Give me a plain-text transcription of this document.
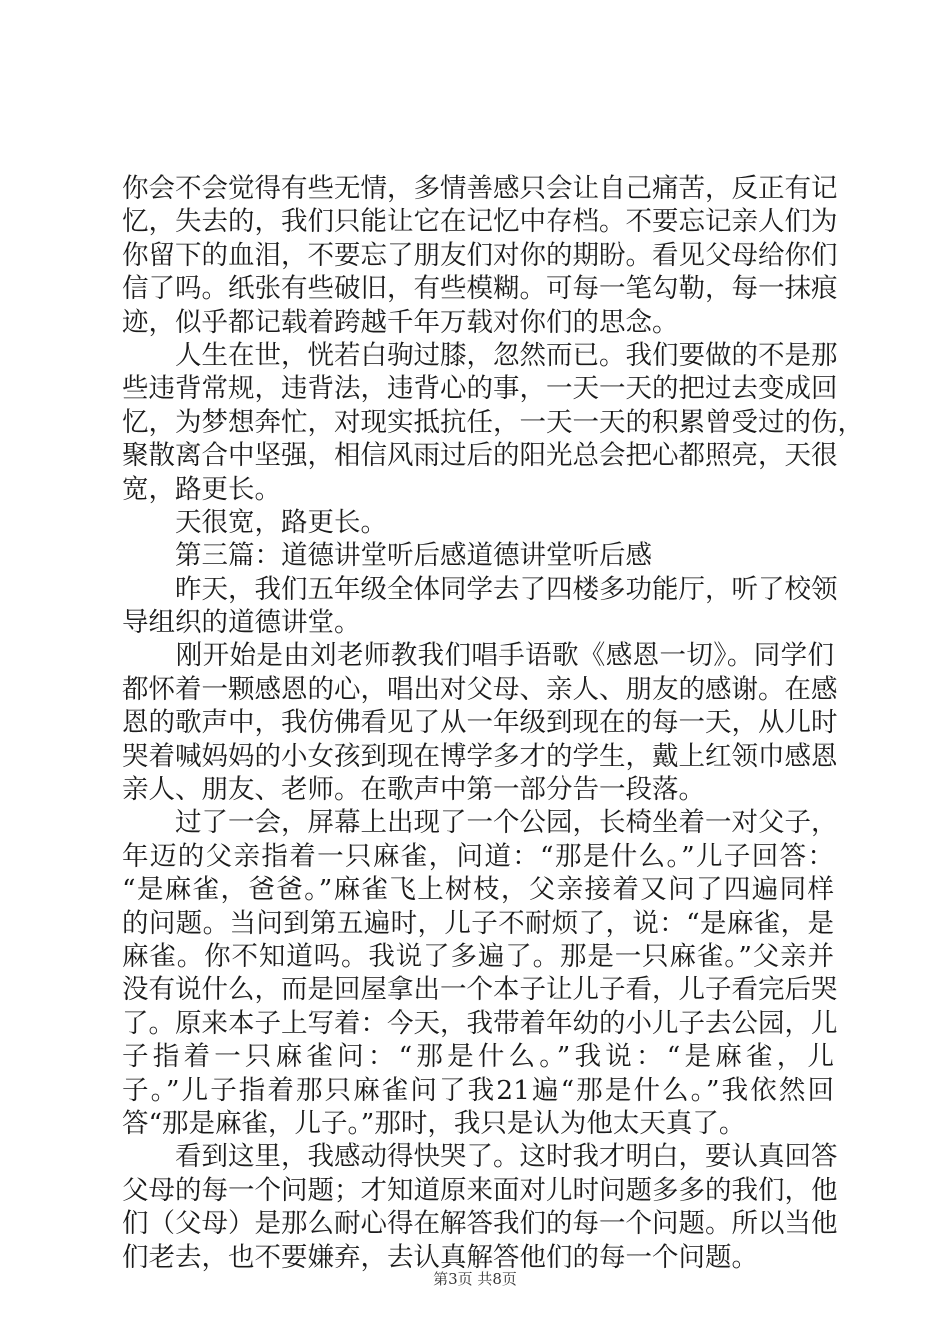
你会不会觉得有些无情，多情善感只会让自己痛苦，反正有记
忆，失去的，我们只能让它在记忆中存档。不要忘记亲人们为
你留下的血泪，不要忘了朋友们对你的期盼。看见父母给你们
信了吗。纸张有些破旧，有些模糊。可每一笔勾勒，每一抹痕
迹，似乎都记载着跨越千年万载对你们的思念。
　　人生在世，恍若白驹过膝，忽然而已。我们要做的不是那
些违背常规，违背法，违背心的事，一天一天的把过去变成回
忆，为梦想奔忙，对现实抵抗任，一天一天的积累曾受过的伤，
聚散离合中坚强，相信风雨过后的阳光总会把心都照亮，天很
宽，路更长。
　　天很宽，路更长。
　　第三篇：道德讲堂听后感道德讲堂听后感
　　昨天，我们五年级全体同学去了四楼多功能厅，听了校领
导组织的道德讲堂。
　　刚开始是由刘老师教我们唱手语歌《感恩一切》。同学们
都怀着一颗感恩的心，唱出对父母、亲人、朋友的感谢。在感
恩的歌声中，我仿佛看见了从一年级到现在的每一天，从儿时
哭着喊妈妈的小女孩到现在博学多才的学生，戴上红领巾感恩
亲人、朋友、老师。在歌声中第一部分告一段落。
　　过了一会，屏幕上出现了一个公园，长椅坐着一对父子，
年迈的父亲指着一只麻雀，问道：“那是什么。”儿子回答：
“是麻雀，爸爸。”麻雀飞上树枝，父亲接着又问了四遍同样
的问题。当问到第五遍时，儿子不耐烦了，说：“是麻雀，是
麻雀。你不知道吗。我说了多遍了。那是一只麻雀。”父亲并
没有说什么，而是回屋拿出一个本子让儿子看，儿子看完后哭
了。原来本子上写着：今天，我带着年幼的小儿子去公园，儿
子指着一只麻雀问：“那是什么。”我说：“是麻雀，儿
子。”儿子指着那只麻雀问了我21遍“那是什么。”我依然回
答“那是麻雀，儿子。”那时，我只是认为他太天真了。
　　看到这里，我感动得快哭了。这时我才明白，要认真回答
父母的每一个问题；才知道原来面对儿时问题多多的我们，他
们（父母）是那么耐心得在解答我们的每一个问题。所以当他
们老去，也不要嫌弃，去认真解答他们的每一个问题。
第3页 共8页
